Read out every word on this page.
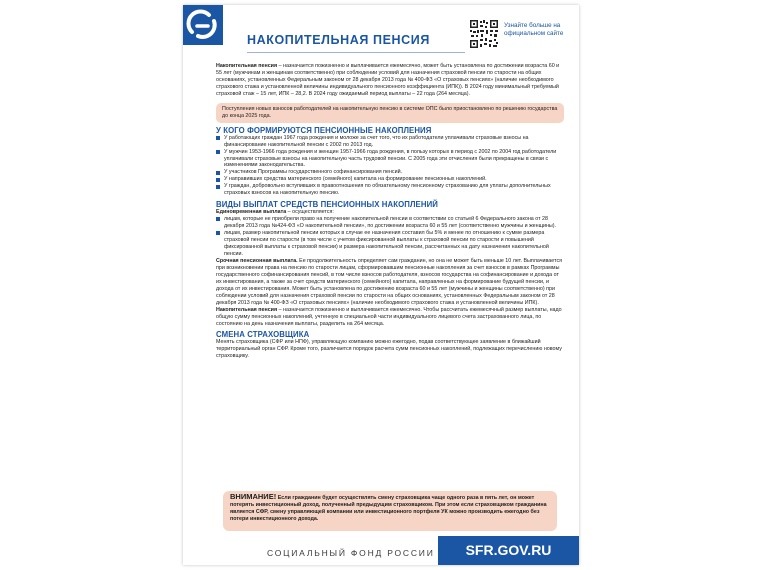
НАКОПИТЕЛЬНАЯ ПЕНСИЯ
Узнайте больше на официальном сайте

Накопительная пенсия – назначается пожизненно и выплачивается ежемесячно, может быть установлена по достижении возраста 60 и 55 лет (мужчинам и женщинам соответственно) при соблюдении условий для назначения страховой пенсии по старости на общих основаниях, установленных Федеральным законом от 28 декабря 2013 года № 400-ФЗ «О страховых пенсиях» (наличие необходимого страхового стажа и установленной величины индивидуального пенсионного коэффициента (ИПК)). В 2024 году минимальный требуемый страховой стаж – 15 лет, ИПК – 28,2. В 2024 году ожидаемый период выплаты – 22 года (264 месяца).

Поступления новых взносов работодателей на накопительную пенсию в системе ОПС было приостановлено по решению государства до конца 2025 года.
У КОГО ФОРМИРУЮТСЯ ПЕНСИОННЫЕ НАКОПЛЕНИЯ
У работающих граждан 1967 года рождения и моложе за счет того, что их работодатели уплачивали страховые взносы на финансирование накопительной пенсии с 2002 по 2013 год.
У мужчин 1953-1966 года рождения и женщин 1957-1966 года рождения, в пользу которых в период с 2002 по 2004 год работодатели уплачивали страховые взносы на накопительную часть трудовой пенсии. С 2005 года эти отчисления были прекращены в связи с изменениями законодательства.
У участников Программы государственного софинансирования пенсий.
У направивших средства материнского (семейного) капитала на формирование пенсионных накоплений.
У граждан, добровольно вступивших в правоотношения по обязательному пенсионному страхованию для уплаты дополнительных страховых взносов на накопительную пенсию.
ВИДЫ ВЫПЛАТ СРЕДСТВ ПЕНСИОННЫХ НАКОПЛЕНИЙ

Единовременная выплата – осуществляется:

лицам, которые не приобрели право на получение накопительной пенсии в соответствии со статьей 6 Федерального закона от 28 декабря 2013 года №424-ФЗ «О накопительной пенсии», по достижении возраста 60 и 55 лет (соответственно мужчины и женщины).
лицам, размер накопительной пенсии которых в случае ее назначения составил бы 5% и менее по отношению к сумме размера страховой пенсии по старости (в том числе с учетом фиксированной выплаты к страховой пенсии по старости и повышений фиксированной выплаты к страховой пенсии) и размера накопительной пенсии, рассчитанных на дату назначения накопительной пенсии.

Срочная пенсионная выплата. Ее продолжительность определяет сам гражданин, но она не может быть меньше 10 лет. Выплачивается при возникновении права на пенсию по старости лицам, сформировавшим пенсионные накопления за счет взносов в рамках Программы государственного софинансирования пенсий, в том числе взносов работодателя, взносов государства на софинансирование и дохода от их инвестирования, а также за счет средств материнского (семейного) капитала, направленных на формирование будущей пенсии, и дохода от их инвестирования. Может быть установлена по достижению возраста 60 и 55 лет (мужчины и женщины соответственно) при соблюдении условий для назначения страховой пенсии по старости на общих основаниях, установленных Федеральным законом от 28 декабря 2013 года № 400-ФЗ «О страховых пенсиях» (наличие необходимого страхового стажа и установленной величины ИПК).

Накопительная пенсия – назначается пожизненно и выплачивается ежемесячно. Чтобы рассчитать ежемесячный размер выплаты, надо общую сумму пенсионных накоплений, учтенную в специальной части индивидуального лицевого счета застрахованного лица, по состоянию на день назначения выплаты, разделить на 264 месяца.

СМЕНА СТРАХОВЩИКА

Менять страховщика (СФР или НПФ), управляющую компанию можно ежегодно, подав соответствующее заявление в ближайший территориальный орган СФР. Кроме того, различается порядок расчета сумм пенсионных накоплений, подлежащих перечислению новому страховщику.

ВНИМАНИЕ! Если гражданин будет осуществлять смену страховщика чаще одного раза в пять лет, он может потерять инвестиционный доход, полученный предыдущим страховщиком. При этом если страховщиком гражданина является СФР, смену управляющей компании или инвестиционного портфеля УК можно производить ежегодно без потери инвестиционного дохода.
СОЦИАЛЬНЫЙ ФОНД РОССИИ	SFR.GOV.RU
